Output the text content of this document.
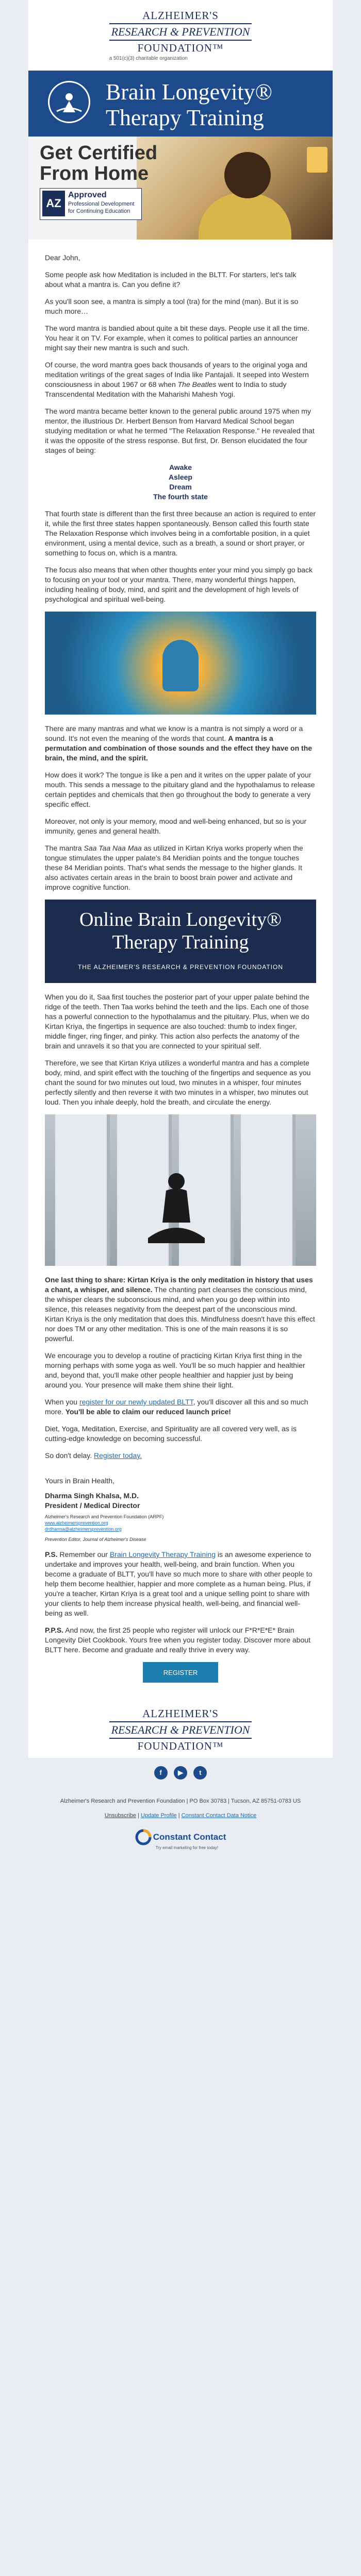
ALZHEIMER'S
RESEARCH & PREVENTION
FOUNDATION™
a 501(c)(3) charitable organization
Brain Longevity®
Therapy Training
Get Certified
From Home
AZ
Approved
Professional Development
for Continuing Education

Dear John,

Some people ask how Meditation is included in the BLTT. For starters, let's talk about what a mantra is. Can you define it?

As you'll soon see, a mantra is simply a tool (tra) for the mind (man). But it is so much more…

The word mantra is bandied about quite a bit these days. People use it all the time. You hear it on TV. For example, when it comes to political parties an announcer might say their new mantra is such and such.

Of course, the word mantra goes back thousands of years to the original yoga and meditation writings of the great sages of India like Pantajali. It seeped into Western consciousness in about 1967 or 68 when The Beatles went to India to study Transcendental Meditation with the Maharishi Mahesh Yogi.

The word mantra became better known to the general public around 1975 when my mentor, the illustrious Dr. Herbert Benson from Harvard Medical School began studying meditation or what he termed "The Relaxation Response." He revealed that it was the opposite of the stress response. But first, Dr. Benson elucidated the four stages of being:

Awake
Asleep
Dream
The fourth state

That fourth state is different than the first three because an action is required to enter it, while the first three states happen spontaneously. Benson called this fourth state The Relaxation Response which involves being in a comfortable position, in a quiet environment, using a mental device, such as a breath, a sound or short prayer, or something to focus on, which is a mantra.

The focus also means that when other thoughts enter your mind you simply go back to focusing on your tool or your mantra. There, many wonderful things happen, including healing of body, mind, and spirit and the development of high levels of psychological and spiritual well-being.

There are many mantras and what we know is a mantra is not simply a word or a sound. It's not even the meaning of the words that count. A mantra is a permutation and combination of those sounds and the effect they have on the brain, the mind, and the spirit.

How does it work? The tongue is like a pen and it writes on the upper palate of your mouth. This sends a message to the pituitary gland and the hypothalamus to release certain peptides and chemicals that then go throughout the body to generate a very specific effect.

Moreover, not only is your memory, mood and well-being enhanced, but so is your immunity, genes and general health.

The mantra Saa Taa Naa Maa as utilized in Kirtan Kriya works properly when the tongue stimulates the upper palate's 84 Meridian points and the tongue touches these 84 Meridian points. That's what sends the message to the higher glands. It also activates certain areas in the brain to boost brain power and activate and improve cognitive function.

Online Brain Longevity®
Therapy Training
THE ALZHEIMER'S RESEARCH & PREVENTION FOUNDATION

When you do it, Saa first touches the posterior part of your upper palate behind the ridge of the teeth. Then Taa works behind the teeth and the lips. Each one of those has a powerful connection to the hypothalamus and the pituitary. Plus, when we do Kirtan Kriya, the fingertips in sequence are also touched: thumb to index finger, middle finger, ring finger, and pinky. This action also perfects the anatomy of the brain and unravels it so that you are connected to your spiritual self.

Therefore, we see that Kirtan Kriya utilizes a wonderful mantra and has a complete body, mind, and spirit effect with the touching of the fingertips and sequence as you chant the sound for two minutes out loud, two minutes in a whisper, four minutes perfectly silently and then reverse it with two minutes in a whisper, two minutes out loud. Then you inhale deeply, hold the breath, and circulate the energy.

One last thing to share: Kirtan Kriya is the only meditation in history that uses a chant, a whisper, and silence. The chanting part cleanses the conscious mind, the whisper clears the subconscious mind, and when you go deep within into silence, this releases negativity from the deepest part of the unconscious mind. Kirtan Kriya is the only meditation that does this. Mindfulness doesn't have this effect nor does TM or any other meditation. This is one of the main reasons it is so powerful.

We encourage you to develop a routine of practicing Kirtan Kriya first thing in the morning perhaps with some yoga as well. You'll be so much happier and healthier and, beyond that, you'll make other people healthier and happier just by being around you. Your presence will make them shine their light.

When you register for our newly updated BLTT, you'll discover all this and so much more. You'll be able to claim our reduced launch price!

Diet, Yoga, Meditation, Exercise, and Spirituality are all covered very well, as is cutting-edge knowledge on becoming successful.

So don't delay. Register today.

Yours in Brain Health,

Dharma Singh Khalsa, M.D.
President / Medical Director
Alzheimer's Research and Prevention Foundation (ARPF)
www.alzheimersprevention.org
drdharma@alzheimersprevention.org
Prevention Editor, Journal of Alzheimer's Disease

P.S. Remember our Brain Longevity Therapy Training is an awesome experience to undertake and improves your health, well-being, and brain function. When you become a graduate of BLTT, you'll have so much more to share with other people to help them become healthier, happier and more complete as a human being. Plus, if you're a teacher, Kirtan Kriya is a great tool and a unique selling point to share with your clients to help them increase physical health, well-being, and financial well-being as well.

P.P.S. And now, the first 25 people who register will unlock our F*R*E*E* Brain Longevity Diet Cookbook. Yours free when you register today. Discover more about BLTT here. Become and graduate and really thrive in every way.

REGISTER
ALZHEIMER'S
RESEARCH & PREVENTION
FOUNDATION™
f ▶ t
Alzheimer's Research and Prevention Foundation | PO Box 30783 | Tucson, AZ 85751-0783 US
Unsubscribe | Update Profile | Constant Contact Data Notice
Constant Contact
Try email marketing for free today!
